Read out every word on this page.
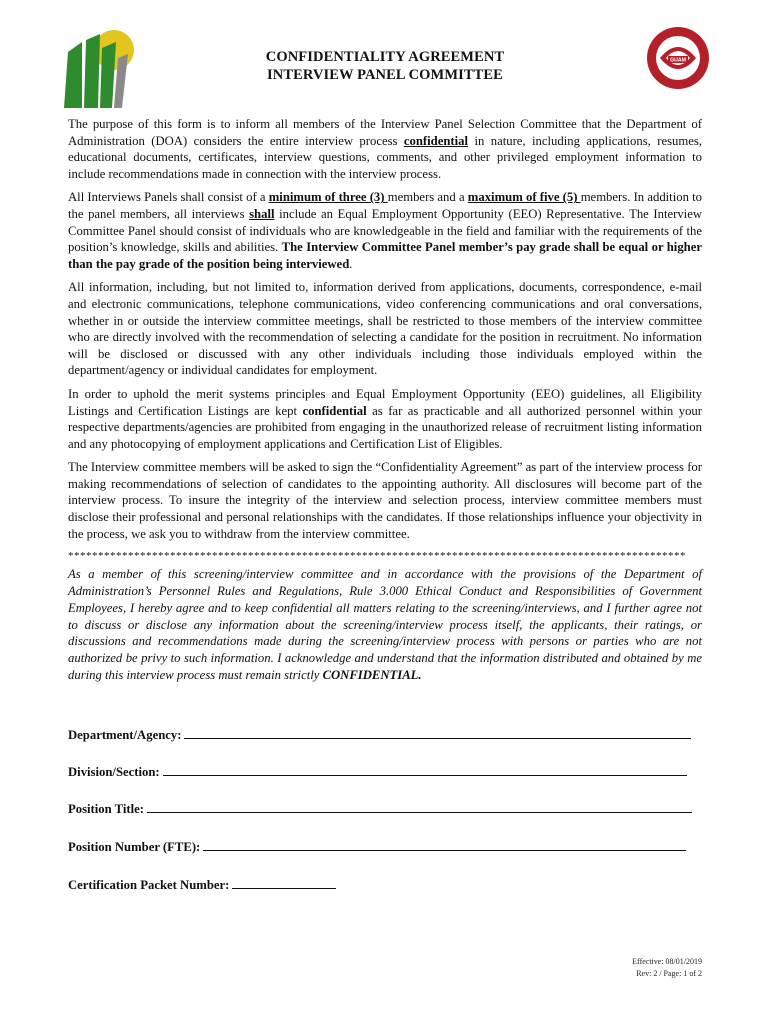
CONFIDENTIALITY AGREEMENT
INTERVIEW PANEL COMMITTEE
GUAM

The purpose of this form is to inform all members of the Interview Panel Selection Committee that the Department of Administration (DOA) considers the entire interview process confidential in nature, including applications, resumes, educational documents, certificates, interview questions, comments, and other privileged employment information to include recommendations made in connection with the interview process.

All Interviews Panels shall consist of a minimum of three (3) members and a maximum of five (5) members. In addition to the panel members, all interviews shall include an Equal Employment Opportunity (EEO) Representative. The Interview Committee Panel should consist of individuals who are knowledgeable in the field and familiar with the requirements of the position’s knowledge, skills and abilities. The Interview Committee Panel member’s pay grade shall be equal or higher than the pay grade of the position being interviewed.

All information, including, but not limited to, information derived from applications, documents, correspondence, e-mail and electronic communications, telephone communications, video conferencing communications and oral conversations, whether in or outside the interview committee meetings, shall be restricted to those members of the interview committee who are directly involved with the recommendation of selecting a candidate for the position in recruitment. No information will be disclosed or discussed with any other individuals including those individuals employed within the department/agency or individual candidates for employment.

In order to uphold the merit systems principles and Equal Employment Opportunity (EEO) guidelines, all Eligibility Listings and Certification Listings are kept confidential as far as practicable and all authorized personnel within your respective departments/agencies are prohibited from engaging in the unauthorized release of recruitment listing information and any photocopying of employment applications and Certification List of Eligibles.

The Interview committee members will be asked to sign the “Confidentiality Agreement” as part of the interview process for making recommendations of selection of candidates to the appointing authority. All disclosures will become part of the interview process. To insure the integrity of the interview and selection process, interview committee members must disclose their professional and personal relationships with the candidates. If those relationships influence your objectivity in the process, we ask you to withdraw from the interview committee.

*******************************************************************************************************
As a member of this screening/interview committee and in accordance with the provisions of the Department of Administration’s Personnel Rules and Regulations, Rule 3.000 Ethical Conduct and Responsibilities of Government Employees, I hereby agree and to keep confidential all matters relating to the screening/interviews, and I further agree not to discuss or disclose any information about the screening/interview process itself, the applicants, their ratings, or discussions and recommendations made during the screening/interview process with persons or parties who are not authorized be privy to such information. I acknowledge and understand that the information distributed and obtained by me during this interview process must remain strictly CONFIDENTIAL.
Department/Agency:
Division/Section:
Position Title:
Position Number (FTE):
Certification Packet Number:
Effective: 08/01/2019
Rev: 2 / Page: 1 of 2
